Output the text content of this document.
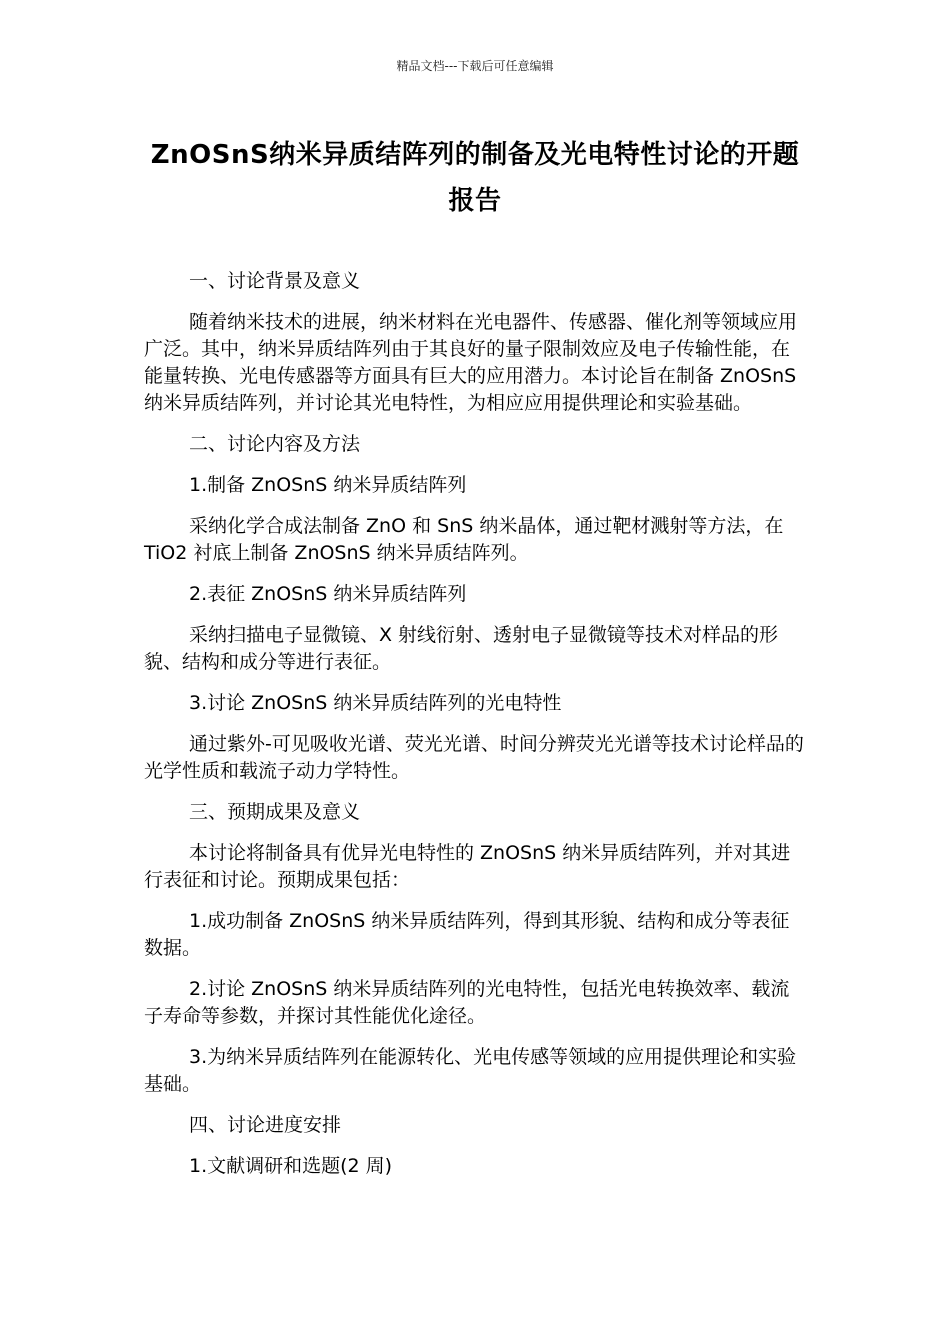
精品文档---下载后可任意编辑
ZnOSnS纳米异质结阵列的制备及光电特性讨论的开题报告

一、讨论背景及意义

随着纳米技术的进展，纳米材料在光电器件、传感器、催化剂等领域应用广泛。其中，纳米异质结阵列由于其良好的量子限制效应及电子传输性能，在能量转换、光电传感器等方面具有巨大的应用潜力。本讨论旨在制备 ZnOSnS 纳米异质结阵列，并讨论其光电特性，为相应应用提供理论和实验基础。

二、讨论内容及方法

1.制备 ZnOSnS 纳米异质结阵列

采纳化学合成法制备 ZnO 和 SnS 纳米晶体，通过靶材溅射等方法，在 TiO2 衬底上制备 ZnOSnS 纳米异质结阵列。

2.表征 ZnOSnS 纳米异质结阵列

采纳扫描电子显微镜、X 射线衍射、透射电子显微镜等技术对样品的形貌、结构和成分等进行表征。

3.讨论 ZnOSnS 纳米异质结阵列的光电特性

通过紫外-可见吸收光谱、荧光光谱、时间分辨荧光光谱等技术讨论样品的光学性质和载流子动力学特性。

三、预期成果及意义

本讨论将制备具有优异光电特性的 ZnOSnS 纳米异质结阵列，并对其进行表征和讨论。预期成果包括：

1.成功制备 ZnOSnS 纳米异质结阵列，得到其形貌、结构和成分等表征数据。

2.讨论 ZnOSnS 纳米异质结阵列的光电特性，包括光电转换效率、载流子寿命等参数，并探讨其性能优化途径。

3.为纳米异质结阵列在能源转化、光电传感等领域的应用提供理论和实验基础。

四、讨论进度安排

1.文献调研和选题(2 周)
